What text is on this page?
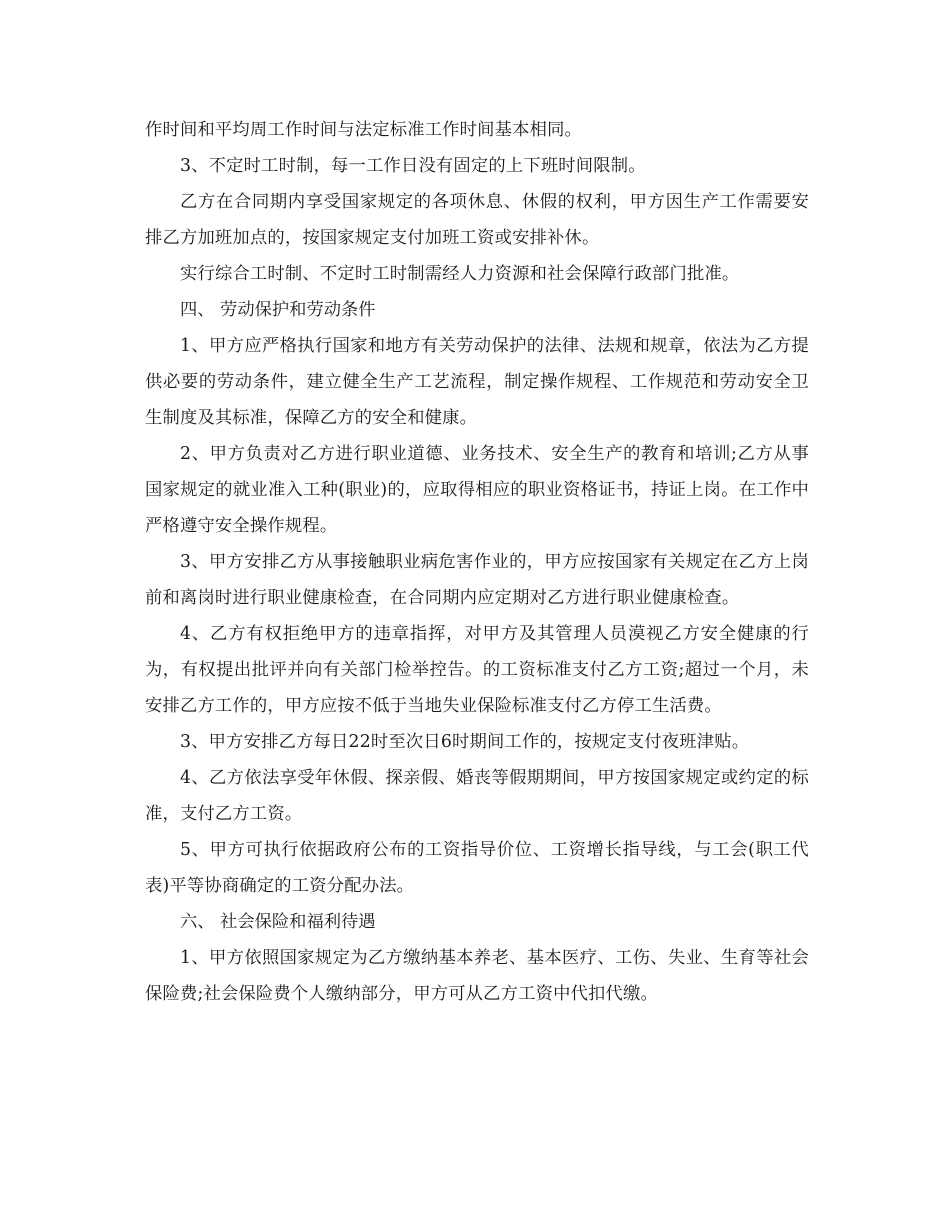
作时间和平均周工作时间与法定标准工作时间基本相同。

3、不定时工时制，每一工作日没有固定的上下班时间限制。

乙方在合同期内享受国家规定的各项休息、休假的权利，甲方因生产工作需要安排乙方加班加点的，按国家规定支付加班工资或安排补休。

实行综合工时制、不定时工时制需经人力资源和社会保障行政部门批准。

四、 劳动保护和劳动条件

1、甲方应严格执行国家和地方有关劳动保护的法律、法规和规章，依法为乙方提供必要的劳动条件，建立健全生产工艺流程，制定操作规程、工作规范和劳动安全卫生制度及其标准，保障乙方的安全和健康。

2、甲方负责对乙方进行职业道德、业务技术、安全生产的教育和培训;乙方从事国家规定的就业准入工种(职业)的，应取得相应的职业资格证书，持证上岗。在工作中严格遵守安全操作规程。

3、甲方安排乙方从事接触职业病危害作业的，甲方应按国家有关规定在乙方上岗前和离岗时进行职业健康检查，在合同期内应定期对乙方进行职业健康检查。

4、乙方有权拒绝甲方的违章指挥，对甲方及其管理人员漠视乙方安全健康的行为，有权提出批评并向有关部门检举控告。的工资标准支付乙方工资;超过一个月，未安排乙方工作的，甲方应按不低于当地失业保险标准支付乙方停工生活费。

3、甲方安排乙方每日22时至次日6时期间工作的，按规定支付夜班津贴。

4、乙方依法享受年休假、探亲假、婚丧等假期期间，甲方按国家规定或约定的标准，支付乙方工资。

5、甲方可执行依据政府公布的工资指导价位、工资增长指导线，与工会(职工代表)平等协商确定的工资分配办法。

六、 社会保险和福利待遇

1、甲方依照国家规定为乙方缴纳基本养老、基本医疗、工伤、失业、生育等社会保险费;社会保险费个人缴纳部分，甲方可从乙方工资中代扣代缴。
